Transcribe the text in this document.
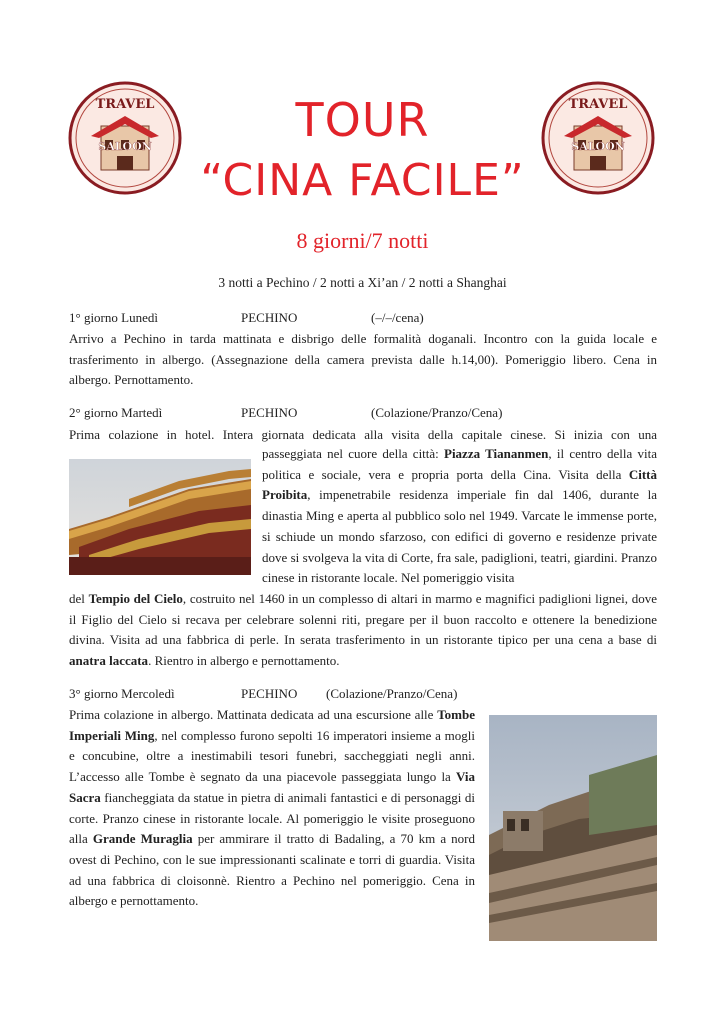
TRAVEL
SALOON
TRAVEL
SALOON
TOUR
“CINA FACILE”
8 giorni/7 notti
3 notti a Pechino / 2 notti a Xi’an / 2 notti a Shanghai
1° giorno Lunedì	PECHINO	(–/–/cena)
Arrivo a Pechino in tarda mattinata e disbrigo delle formalità doganali. Incontro con la guida locale e trasferimento in albergo. (Assegnazione della camera prevista dalle h.14,00). Pomeriggio libero. Cena in albergo. Pernottamento.
2° giorno Martedì	PECHINO	(Colazione/Pranzo/Cena)
Prima colazione in hotel. Intera giornata dedicata alla visita della capitale cinese. Si inizia con una
passeggiata nel cuore della città: Piazza Tiananmen, il centro della vita politica e sociale, vera e propria porta della Cina. Visita della Città Proibita, impenetrabile residenza imperiale fin dal 1406, durante la dinastia Ming e aperta al pubblico solo nel 1949. Varcate le immense porte, si schiude un mondo sfarzoso, con edifici di governo e residenze private dove si svolgeva la vita di Corte, fra sale, padiglioni, teatri, giardini. Pranzo cinese in ristorante locale. Nel pomeriggio visita
del Tempio del Cielo, costruito nel 1460 in un complesso di altari in marmo e magnifici padiglioni lignei, dove il Figlio del Cielo si recava per celebrare solenni riti, pregare per il buon raccolto e ottenere la benedizione divina. Visita ad una fabbrica di perle. In serata trasferimento in un ristorante tipico per una cena a base di anatra laccata. Rientro in albergo e pernottamento.
3° giorno Mercoledì	PECHINO (Colazione/Pranzo/Cena)
Prima colazione in albergo. Mattinata dedicata ad una escursione alle Tombe Imperiali Ming, nel complesso furono sepolti 16 imperatori insieme a mogli e concubine, oltre a inestimabili tesori funebri, saccheggiati negli anni. L’accesso alle Tombe è segnato da una piacevole passeggiata lungo la Via Sacra fiancheggiata da statue in pietra di animali fantastici e di personaggi di corte. Pranzo cinese in ristorante locale. Al pomeriggio le visite proseguono alla Grande Muraglia per ammirare il tratto di Badaling, a 70 km a nord ovest di Pechino, con le sue impressionanti scalinate e torri di guardia. Visita ad una fabbrica di cloisonnè. Rientro a Pechino nel pomeriggio. Cena in albergo e pernottamento.
